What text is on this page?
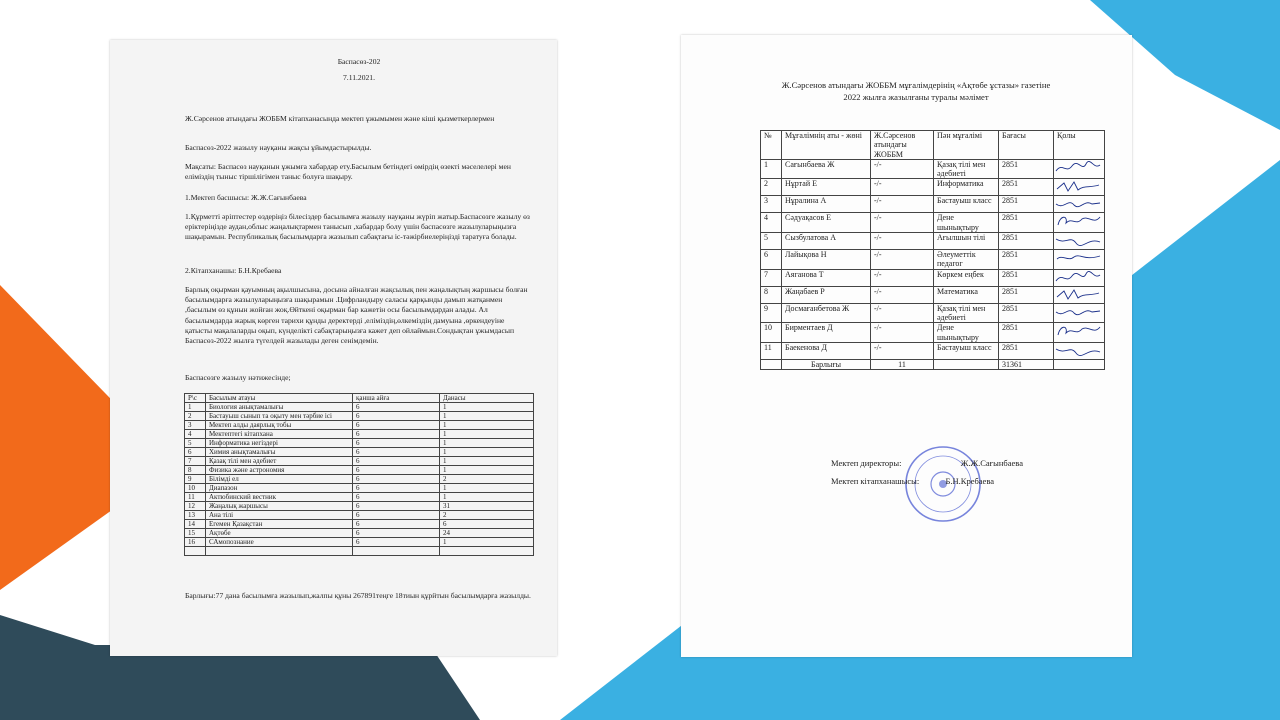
Баспасөз-202

7.11.2021.

Ж.Сәрсенов атындағы ЖОББМ кітапханасында мектеп ұжымымен және кіші қызметкерлермен

Баспасөз-2022 жазылу науқаны жақсы ұйымдастырылды.

Мақсаты: Баспасөз науқанын ұжымға хабардар ету.Басылым бетіндегі өмірдің өзекті мәселелері мен еліміздің тыныс тіршілігімен таныс болуға шақыру.

1.Мектеп басшысы: Ж.Ж.Сағынбаева

1.Құрметті әріптестер өздеріңіз білесіздер басылымға жазылу науқаны жүріп жатыр.Баспасөзге жазылу өз еріктеріңізде аудан,облыс жаңалықтармен танысып ,хабардар болу үшін баспасөзге жазылуларыңызға шақырамын. Республикалық басылымдарға жазылып сабақтағы іс-тәжірбиелеріңізді таратуға болады.

2.Кітапханашы: Б.Н.Кребаева

Барлық оқырман қауымның ақылшысына, досына айналған жақсылық пен жаңалықтың жаршысы болған басылымдарға жазылуларыңызға шақырамын .Цифрландыру саласы қарқынды дамып жатқанмен ,басылым өз құнын жойған жоқ.Өйткені оқырман бар кажетін осы басылымдардан алады. Ал басылымдарда жарық көрген тарихи құнды деректерді ,еліміздің,өлкеміздің дамуына ,өркендеуіне қатысты мақалаларды оқып, күнделікті сабақтарыңызға кажет деп ойлаймын.Сондықтан ұжымдасып Баспасөз-2022 жылға түгелдей жазылады деген сенімдемін.

Баспасөзге жазылу нәтижесінде;

Р\с	Басылым атауы	қанша айға	Данасы
1	Биология анықтамалығы	6	1
2	Бастауыш сынып та оқыту мен тәрбие ісі	6	1
3	Мектеп алды даярлық тобы	6	1
4	Мектептегі кітапхана	6	1
5	Информатика негіздері	6	1
6	Химия анықтамалығы	6	1
7	Қазақ тілі мен әдебиет	6	1
8	Физика және астрономия	6	1
9	Білімді ел	6	2
10	Диапазон	6	1
11	Актюбинский вестник	6	1
12	Жаңалық жаршысы	6	31
13	Ана тілі	6	2
14	Егемен Қазақстан	6	6
15	Ақтөбе	6	24
16	САмопознание	6	1

Барлығы:77 дана басылымға жазылып,жалпы құны 267891теңге 18тиын құрйтын басылымдарға жазылды.

Ж.Сәрсенов атындағы ЖОББМ мұғалімдерінің «Ақтөбе ұстазы» газетіне

2022 жылға жазылғаны туралы мәлімет

№	Мұғалімнің аты - жөні	Ж.Сәрсенов атындағы ЖОББМ	Пән мұғалімі	Бағасы	Қолы
1	Сағынбаева Ж	-/-	Қазақ тілі мен әдебиеті	2851	

2	Нұртай Е	-/-	Информатика	2851	

3	Нұралина А	-/-	Бастауыш класс	2851	

4	Сәдуақасов Е	-/-	Дене шынықтыру	2851	

5	Сызбулатова А	-/-	Ағылшын тілі	2851	

6	Лайықова Н	-/-	Әлеуметтік педагог	2851	

7	Аяганова Т	-/-	Көркем еңбек	2851	

8	Жаңабаев Р	-/-	Математика	2851	

9	Досмағанбетова Ж	-/-	Қазақ тілі мен әдебиеті	2851	

10	Бирментаев Д	-/-	Дене шынықтыру	2851	

11	Баекенова Д	-/-	Бастауыш класс	2851	

	Барлығы	11		31361	
Мектеп директоры:	Ж.Ж.Сағынбаева
Мектеп кітапханашысы:	Б.Н.Кребаева
